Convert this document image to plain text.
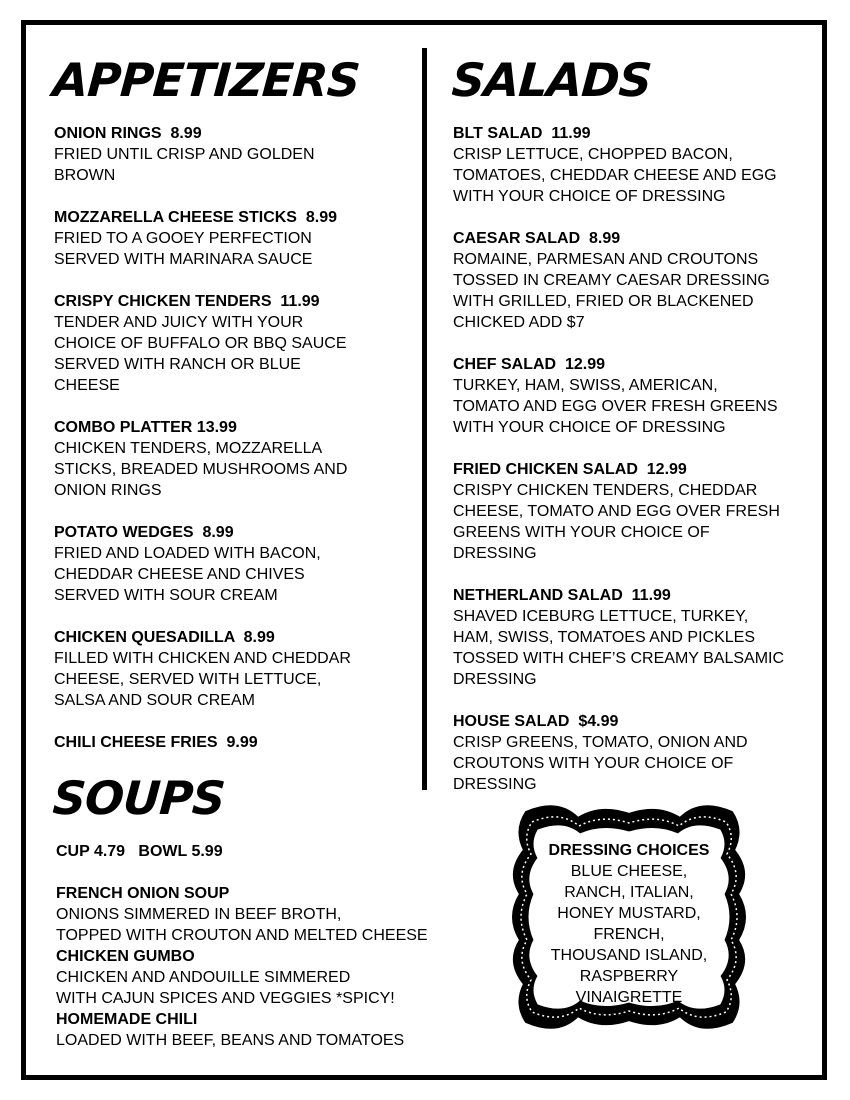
APPETIZERS SALADS
SOUPS
ONION RINGS  8.99
FRIED UNTIL CRISP AND GOLDEN
BROWN
MOZZARELLA CHEESE STICKS  8.99
FRIED TO A GOOEY PERFECTION
SERVED WITH MARINARA SAUCE
CRISPY CHICKEN TENDERS  11.99
TENDER AND JUICY WITH YOUR
CHOICE OF BUFFALO OR BBQ SAUCE
SERVED WITH RANCH OR BLUE
CHEESE
COMBO PLATTER 13.99
CHICKEN TENDERS, MOZZARELLA
STICKS, BREADED MUSHROOMS AND
ONION RINGS
POTATO WEDGES  8.99
FRIED AND LOADED WITH BACON,
CHEDDAR CHEESE AND CHIVES
SERVED WITH SOUR CREAM
CHICKEN QUESADILLA  8.99
FILLED WITH CHICKEN AND CHEDDAR
CHEESE, SERVED WITH LETTUCE,
SALSA AND SOUR CREAM
CHILI CHEESE FRIES  9.99
BLT SALAD  11.99
CRISP LETTUCE, CHOPPED BACON,
TOMATOES, CHEDDAR CHEESE AND EGG
WITH YOUR CHOICE OF DRESSING
CAESAR SALAD  8.99
ROMAINE, PARMESAN AND CROUTONS
TOSSED IN CREAMY CAESAR DRESSING
WITH GRILLED, FRIED OR BLACKENED
CHICKED ADD $7
CHEF SALAD  12.99
TURKEY, HAM, SWISS, AMERICAN,
TOMATO AND EGG OVER FRESH GREENS
WITH YOUR CHOICE OF DRESSING
FRIED CHICKEN SALAD  12.99
CRISPY CHICKEN TENDERS, CHEDDAR
CHEESE, TOMATO AND EGG OVER FRESH
GREENS WITH YOUR CHOICE OF
DRESSING
NETHERLAND SALAD  11.99
SHAVED ICEBURG LETTUCE, TURKEY,
HAM, SWISS, TOMATOES AND PICKLES
TOSSED WITH CHEF’S CREAMY BALSAMIC
DRESSING
HOUSE SALAD  $4.99
CRISP GREENS, TOMATO, ONION AND
CROUTONS WITH YOUR CHOICE OF
DRESSING
CUP 4.79   BOWL 5.99
FRENCH ONION SOUP
ONIONS SIMMERED IN BEEF BROTH,
TOPPED WITH CROUTON AND MELTED CHEESE
CHICKEN GUMBO
CHICKEN AND ANDOUILLE SIMMERED
WITH CAJUN SPICES AND VEGGIES *SPICY!
HOMEMADE CHILI
LOADED WITH BEEF, BEANS AND TOMATOES
DRESSING CHOICES
BLUE CHEESE,
RANCH, ITALIAN,
HONEY MUSTARD,
FRENCH,
THOUSAND ISLAND,
RASPBERRY
VINAIGRETTE
